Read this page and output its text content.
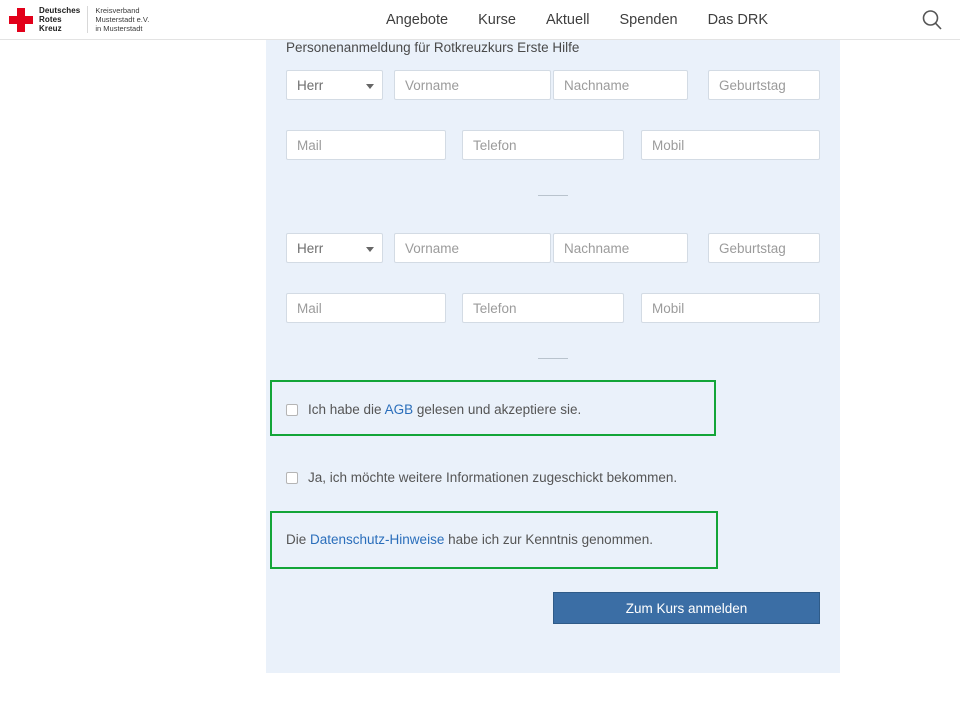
Deutsches
Rotes
Kreuz
Kreisverband
Musterstadt e.V.
in Musterstadt
Angebote Kurse Aktuell Spenden Das DRK
Personenanmeldung für Rotkreuzkurs Erste Hilfe
Herr	Vorname	Nachname	Geburtstag
Mail	Telefon	Mobil
Herr	Vorname	Nachname	Geburtstag
Mail	Telefon	Mobil
Ich habe die AGB gelesen und akzeptiere sie.
Ja, ich möchte weitere Informationen zugeschickt bekommen.
Die Datenschutz-Hinweise habe ich zur Kenntnis genommen.
Zum Kurs anmelden
